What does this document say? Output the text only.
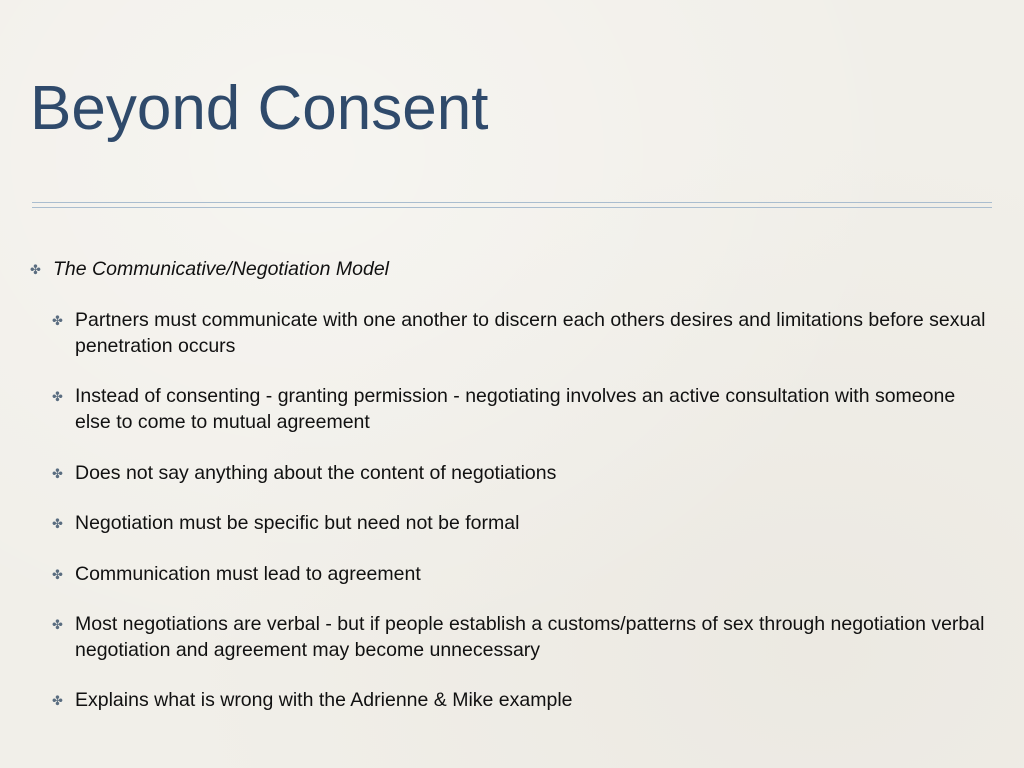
Beyond Consent
✤ The Communicative/Negotiation Model
✤ Partners must communicate with one another to discern each others desires and limitations before sexual penetration occurs
✤ Instead of consenting - granting permission - negotiating involves an active consultation with someone else to come to mutual agreement
✤ Does not say anything about the content of negotiations
✤ Negotiation must be specific but need not be formal
✤ Communication must lead to agreement
✤ Most negotiations are verbal - but if people establish a customs/patterns of sex through negotiation verbal negotiation and agreement may become unnecessary
✤ Explains what is wrong with the Adrienne & Mike example
